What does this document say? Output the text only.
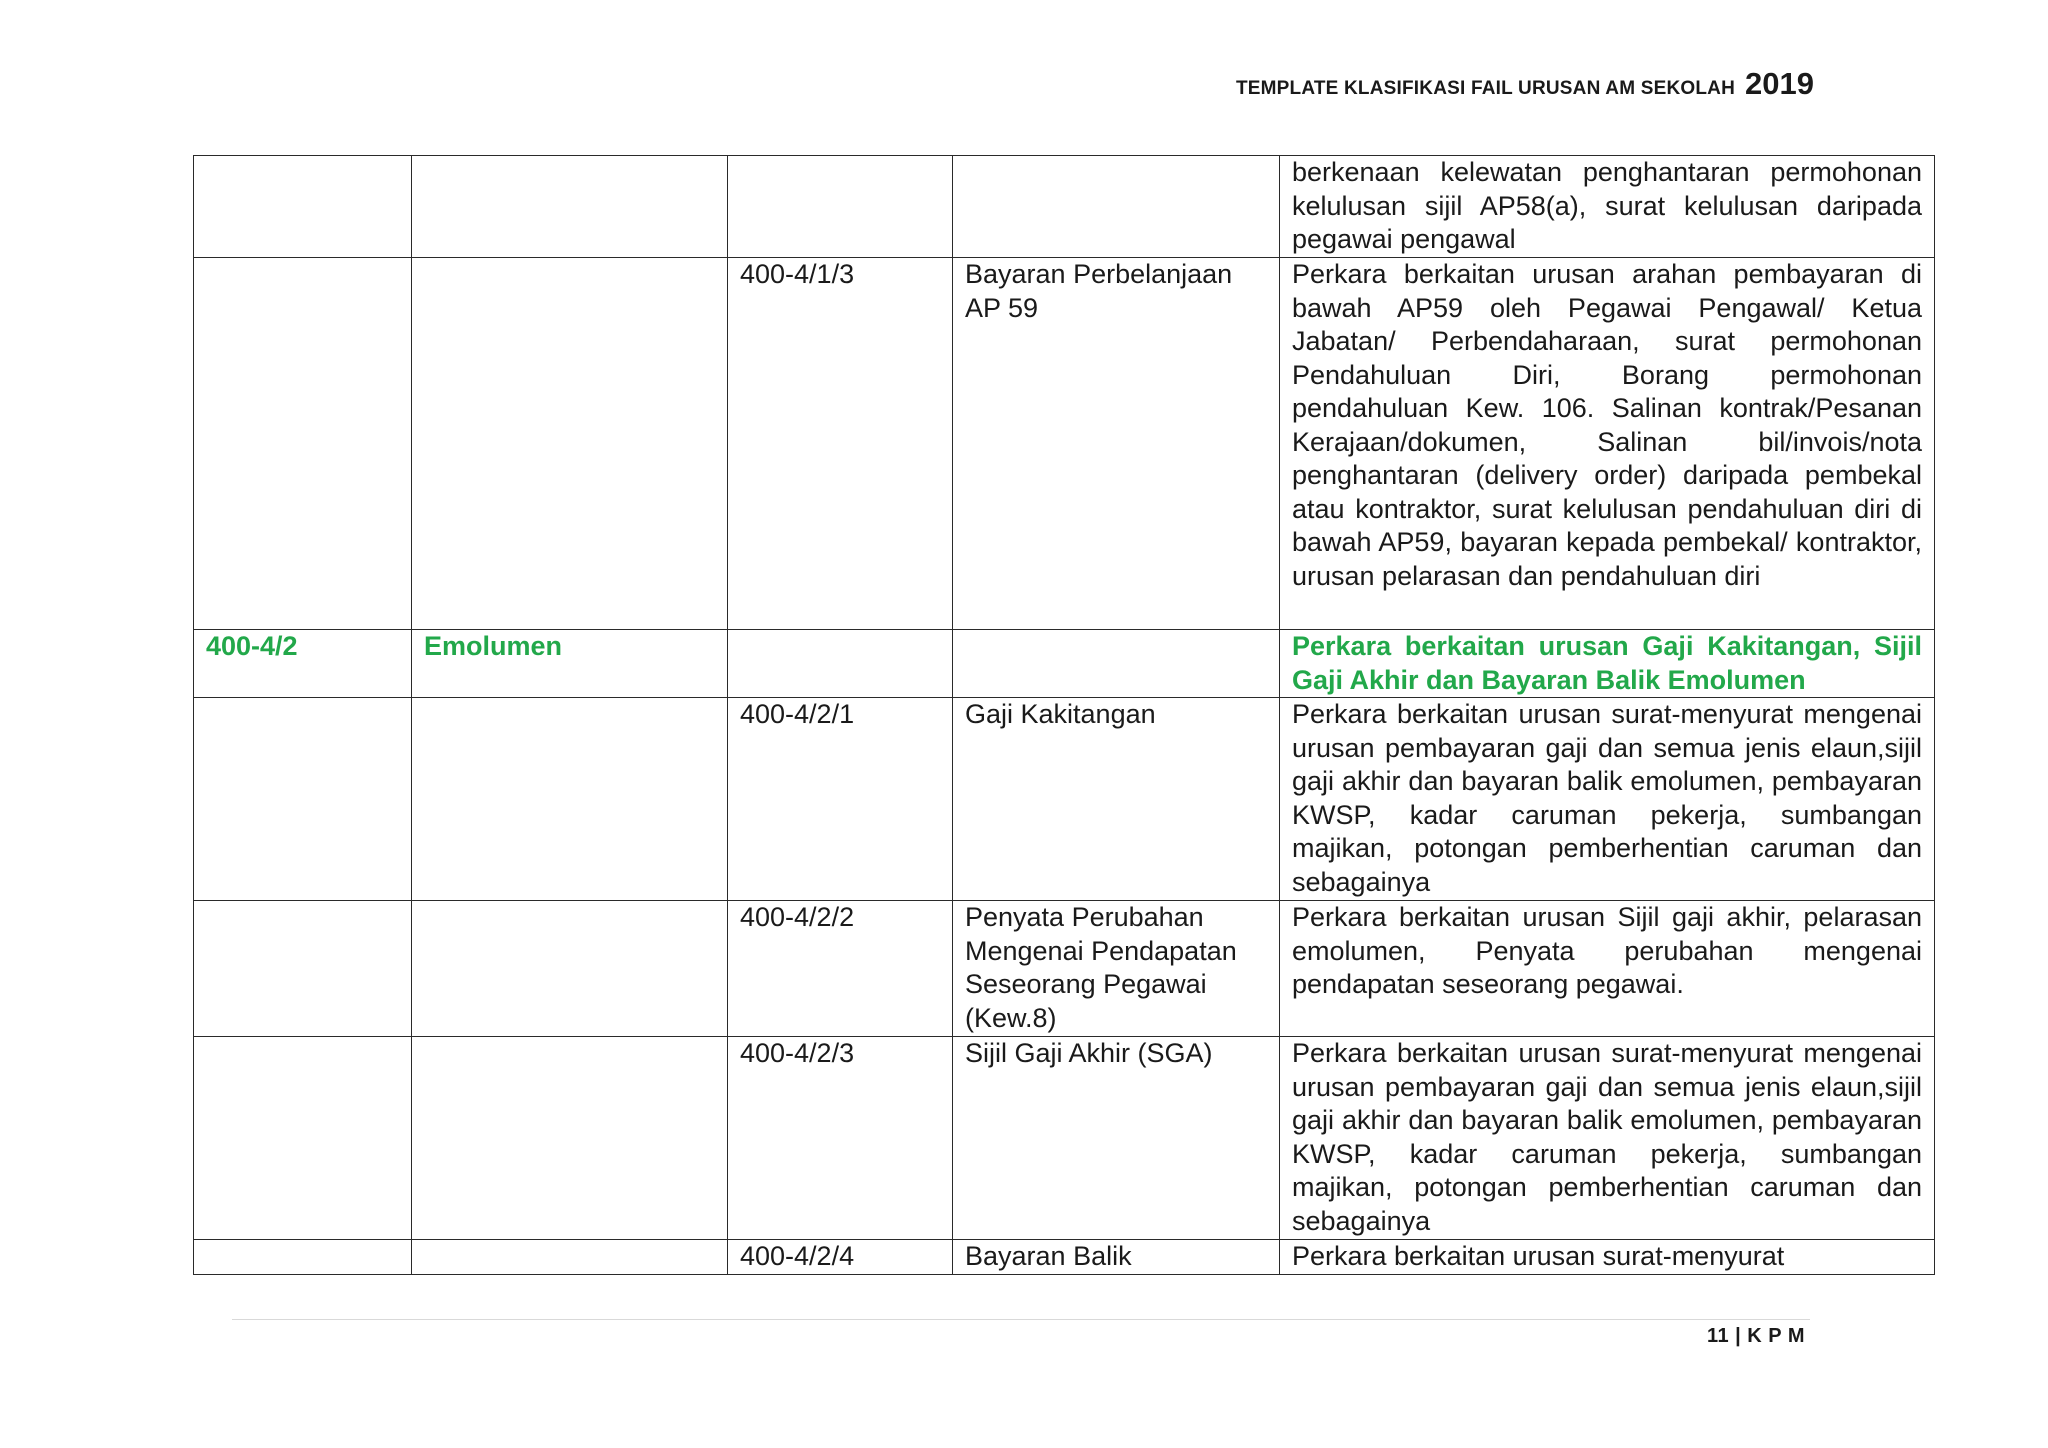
TEMPLATE KLASIFIKASI FAIL URUSAN AM SEKOLAH 2019
				berkenaan kelewatan penghantaran permohonan kelulusan sijil AP58(a), surat kelulusan daripada pegawai pengawal
		400-4/1/3	Bayaran Perbelanjaan AP 59	Perkara berkaitan urusan arahan pembayaran di bawah AP59 oleh Pegawai Pengawal/ Ketua Jabatan/ Perbendaharaan, surat permohonan Pendahuluan Diri, Borang permohonan pendahuluan Kew. 106. Salinan kontrak/Pesanan Kerajaan/dokumen, Salinan bil/invois/nota penghantaran (delivery order) daripada pembekal atau kontraktor, surat kelulusan pendahuluan diri di bawah AP59, bayaran kepada pembekal/ kontraktor, urusan pelarasan dan pendahuluan diri
400-4/2	Emolumen			Perkara berkaitan urusan Gaji Kakitangan, Sijil Gaji Akhir dan Bayaran Balik Emolumen
		400-4/2/1	Gaji Kakitangan	Perkara berkaitan urusan surat-menyurat mengenai urusan pembayaran gaji dan semua jenis elaun,sijil gaji akhir dan bayaran balik emolumen, pembayaran KWSP, kadar caruman pekerja, sumbangan majikan, potongan pemberhentian caruman dan sebagainya
		400-4/2/2	Penyata Perubahan Mengenai Pendapatan Seseorang Pegawai (Kew.8)	Perkara berkaitan urusan Sijil gaji akhir, pelarasan emolumen, Penyata perubahan mengenai pendapatan seseorang pegawai.
		400-4/2/3	Sijil Gaji Akhir (SGA)	Perkara berkaitan urusan surat-menyurat mengenai urusan pembayaran gaji dan semua jenis elaun,sijil gaji akhir dan bayaran balik emolumen, pembayaran KWSP, kadar caruman pekerja, sumbangan majikan, potongan pemberhentian caruman dan sebagainya
		400-4/2/4	Bayaran Balik	Perkara berkaitan urusan surat-menyurat
11 | K P M
